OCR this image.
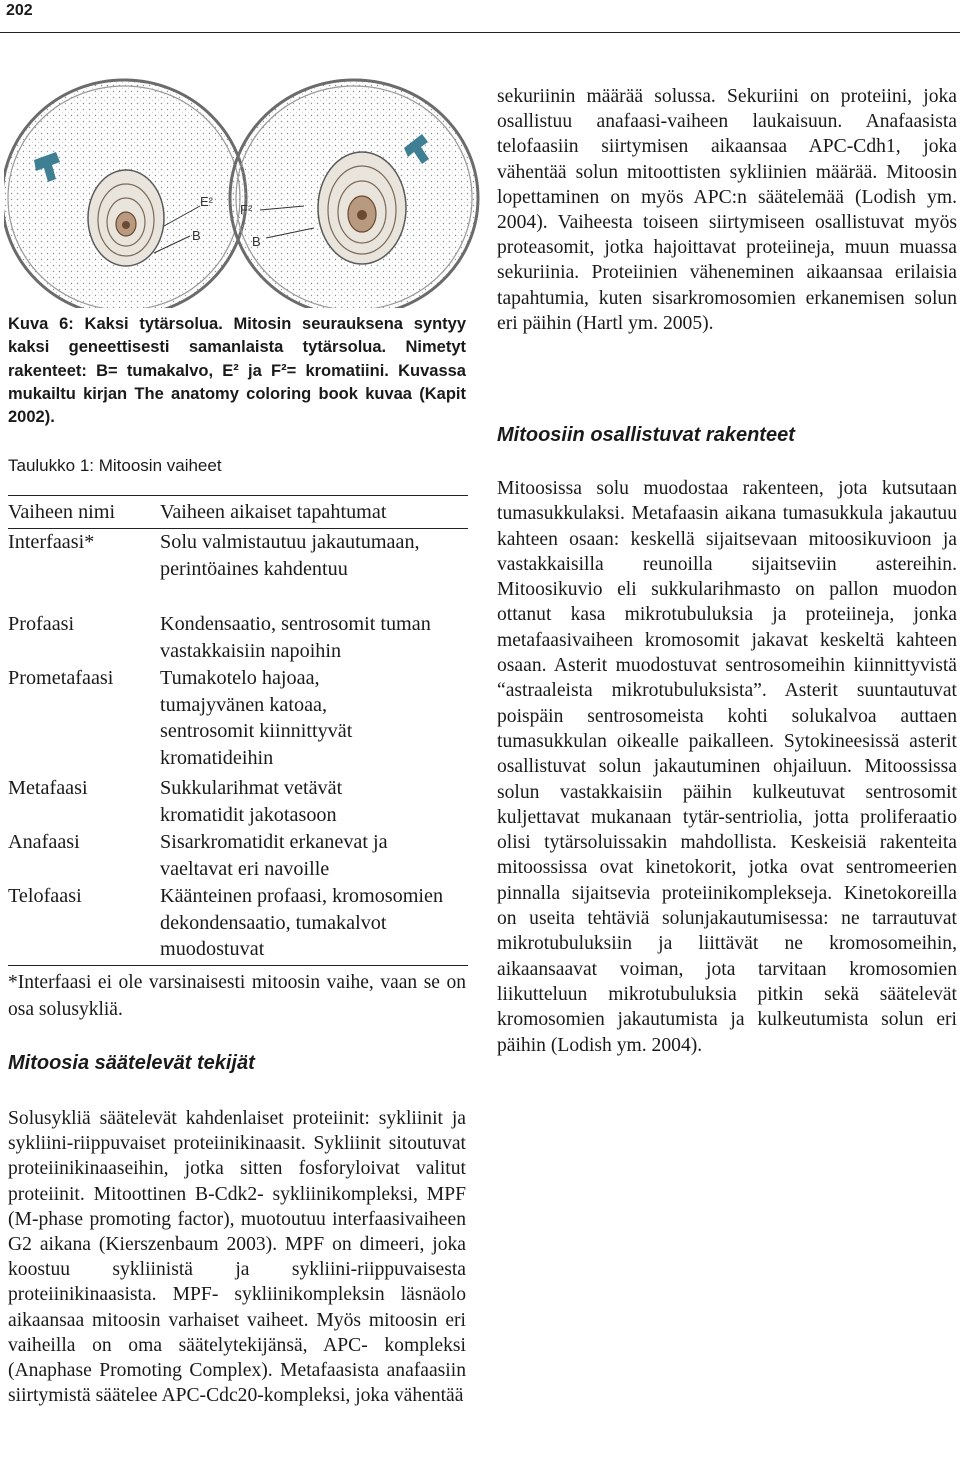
202
E²
B
F²
B
Kuva 6: Kaksi tytärsolua. Mitosin seurauksena syntyy kaksi geneettisesti samanlaista tytärsolua. Nimetyt rakenteet: B= tumakalvo, E² ja F²= kromatiini. Kuvassa mukailtu kirjan The anatomy coloring book kuvaa (Kapit 2002).
Taulukko 1: Mitoosin vaiheet
Vaiheen nimi	Vaiheen aikaiset tapahtumat
Interfaasi*	Solu valmistautuu jakautumaan, perintöaines kahdentuu
Profaasi	Kondensaatio, sentrosomit tuman vastakkaisiin napoihin
Prometafaasi	Tumakotelo hajoaa, tumajyvänen katoaa, sentrosomit kiinnittyvät kromatideihin
Metafaasi	Sukkularihmat vetävät kromatidit jakotasoon
Anafaasi	Sisarkromatidit erkanevat ja vaeltavat eri navoille
Telofaasi	Käänteinen profaasi, kromosomien dekondensaatio, tumakalvot muodostuvat
*Interfaasi ei ole varsinaisesti mitoosin vaihe, vaan se on osa solusykliä.
Mitoosia säätelevät tekijät
Solusykliä säätelevät kahdenlaiset proteiinit: sykliinit ja sykliini-riippuvaiset proteiinikinaasit. Sykliinit sitoutuvat proteiinikinaaseihin, jotka sitten fosforyloivat valitut proteiinit. Mitoottinen B-Cdk2- sykliinikompleksi, MPF (M-phase promoting factor), muotoutuu interfaasivaiheen G2 aikana (Kierszenbaum 2003). MPF on dimeeri, joka koostuu sykliinistä ja sykliini-riippuvaisesta proteiinikinaasista. MPF- sykliinikompleksin läsnäolo aikaansaa mitoosin varhaiset vaiheet. Myös mitoosin eri vaiheilla on oma säätelytekijänsä, APC- kompleksi (Anaphase Promoting Complex). Metafaasista anafaasiin siirtymistä säätelee APC-Cdc20-kompleksi, joka vähentää
sekuriinin määrää solussa. Sekuriini on proteiini, joka osallistuu anafaasi-vaiheen laukaisuun. Anafaasista telofaasiin siirtymisen aikaansaa APC-Cdh1, joka vähentää solun mitoottisten sykliinien määrää. Mitoosin lopettaminen on myös APC:n säätelemää (Lodish ym. 2004). Vaiheesta toiseen siirtymiseen osallistuvat myös proteasomit, jotka hajoittavat proteiineja, muun muassa sekuriinia. Proteiinien väheneminen aikaansaa erilaisia tapahtumia, kuten sisarkromosomien erkanemisen solun eri päihin (Hartl ym. 2005).
Mitoosiin osallistuvat rakenteet
Mitoosissa solu muodostaa rakenteen, jota kutsutaan tumasukkulaksi. Metafaasin aikana tumasukkula jakautuu kahteen osaan: keskellä sijaitsevaan mitoosikuvioon ja vastakkaisilla reunoilla sijaitseviin astereihin. Mitoosikuvio eli sukkularihmasto on pallon muodon ottanut kasa mikrotubuluksia ja proteiineja, jonka metafaasivaiheen kromosomit jakavat keskeltä kahteen osaan. Asterit muodostuvat sentrosomeihin kiinnittyvistä “astraaleista mikrotubuluksista”. Asterit suuntautuvat poispäin sentrosomeista kohti solukalvoa auttaen tumasukkulan oikealle paikalleen. Sytokineesissä asterit osallistuvat solun jakautuminen ohjailuun. Mitoossissa solun vastakkaisiin päihin kulkeutuvat sentrosomit kuljettavat mukanaan tytär-sentriolia, jotta proliferaatio olisi tytärsoluissakin mahdollista. Keskeisiä rakenteita mitoossissa ovat kinetokorit, jotka ovat sentromeerien pinnalla sijaitsevia proteiinikomplekseja. Kinetokoreilla on useita tehtäviä solunjakautumisessa: ne tarrautuvat mikrotubuluksiin ja liittävät ne kromosomeihin, aikaansaavat voiman, jota tarvitaan kromosomien liikutteluun mikrotubuluksia pitkin sekä säätelevät kromosomien jakautumista ja kulkeutumista solun eri päihin (Lodish ym. 2004).
